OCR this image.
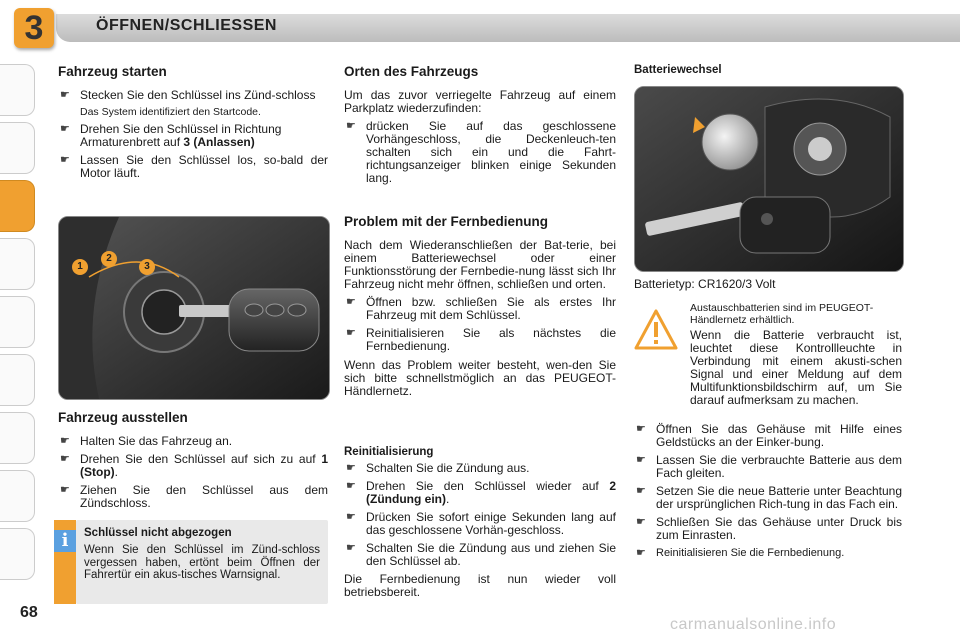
3	ÖFFNEN/SCHLIESSEN
Fahrzeug starten
☛ Stecken Sie den Schlüssel ins Zünd-schloss
Das System identifiziert den Startcode.
☛ Drehen Sie den Schlüssel in Richtung Armaturenbrett auf 3 (Anlassen)
☛ Lassen Sie den Schlüssel los, so-bald der Motor läuft.
1
2
3
Fahrzeug ausstellen
☛ Halten Sie das Fahrzeug an.
☛ Drehen Sie den Schlüssel auf sich zu auf 1 (Stop).
☛ Ziehen Sie den Schlüssel aus dem Zündschloss.
i	Schlüssel nicht abgezogen

Wenn Sie den Schlüssel im Zünd-schloss vergessen haben, ertönt beim Öffnen der Fahrertür ein akus-tisches Warnsignal.

Orten des Fahrzeugs

Um das zuvor verriegelte Fahrzeug auf einem Parkplatz wiederzufinden:

☛ drücken Sie auf das geschlossene Vorhängeschloss, die Deckenleuch-ten schalten sich ein und die Fahrt-richtungsanzeiger blinken einige Sekunden lang.
Problem mit der Fernbedienung

Nach dem Wiederanschließen der Bat-terie, bei einem Batteriewechsel oder einer Funktionsstörung der Fernbedie-nung lässt sich Ihr Fahrzeug nicht mehr öffnen, schließen und orten.

☛ Öffnen bzw. schließen Sie als erstes Ihr Fahrzeug mit dem Schlüssel.
☛ Reinitialisieren Sie als nächstes die Fernbedienung.

Wenn das Problem weiter besteht, wen-den Sie sich bitte schnellstmöglich an das PEUGEOT-Händlernetz.

Reinitialisierung
☛ Schalten Sie die Zündung aus.
☛ Drehen Sie den Schlüssel wieder auf 2 (Zündung ein).
☛ Drücken Sie sofort einige Sekunden lang auf das geschlossene Vorhän-geschloss.
☛ Schalten Sie die Zündung aus und ziehen Sie den Schlüssel ab.

Die Fernbedienung ist nun wieder voll betriebsbereit.

Batteriewechsel

Batterietyp: CR1620/3 Volt

Austauschbatterien sind im PEUGEOT-Händlernetz erhältlich.

Wenn die Batterie verbraucht ist, leuchtet diese Kontrollleuchte in Verbindung mit einem akusti-schen Signal und einer Meldung auf dem Multifunktionsbildschirm auf, um Sie darauf aufmerksam zu machen.

☛ Öffnen Sie das Gehäuse mit Hilfe eines Geldstücks an der Einker-bung.
☛ Lassen Sie die verbrauchte Batterie aus dem Fach gleiten.
☛ Setzen Sie die neue Batterie unter Beachtung der ursprünglichen Rich-tung in das Fach ein.
☛ Schließen Sie das Gehäuse unter Druck bis zum Einrasten.
☛ Reinitialisieren Sie die Fernbedienung.
68
carmanualsonline.info
